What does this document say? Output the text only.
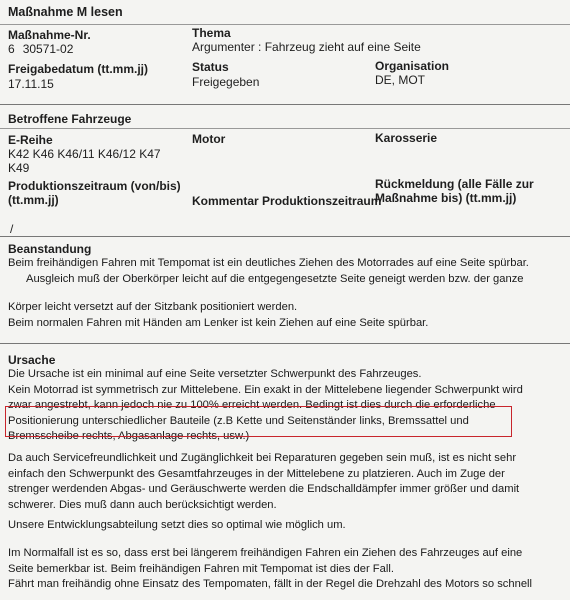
Maßnahme M lesen
Maßnahme-Nr.
6 30571-02
Thema
Argumenter : Fahrzeug zieht auf eine Seite
Freigabedatum (tt.mm.jj)
17.11.15
Status
Freigegeben
Organisation
DE, MOT
Betroffene Fahrzeuge
E-Reihe
K42 K46 K46/11 K46/12 K47
K49
Motor	Karosserie
Produktionszeitraum (von/bis)
(tt.mm.jj)
/
Kommentar Produktionszeitraum
Rückmeldung (alle Fälle zur
Maßnahme bis) (tt.mm.jj)
Beanstandung
Beim freihändigen Fahren mit Tempomat ist ein deutliches Ziehen des Motorrades auf eine Seite spürbar.
Ausgleich muß der Oberkörper leicht auf die entgegengesetzte Seite geneigt werden bzw. der ganze
Körper leicht versetzt auf der Sitzbank positioniert werden.
Beim normalen Fahren mit Händen am Lenker ist kein Ziehen auf eine Seite spürbar.
Ursache
Die Ursache ist ein minimal auf eine Seite versetzter Schwerpunkt des Fahrzeuges.
Kein Motorrad ist symmetrisch zur Mittelebene. Ein exakt in der Mittelebene liegender Schwerpunkt wird
zwar angestrebt, kann jedoch nie zu 100% erreicht werden. Bedingt ist dies durch die erforderliche
Positionierung unterschiedlicher Bauteile (z.B Kette und Seitenständer links, Bremssattel und
Bremsscheibe rechts, Abgasanlage rechts, usw.)
Da auch Servicefreundlichkeit und Zugänglichkeit bei Reparaturen gegeben sein muß, ist es nicht sehr
einfach den Schwerpunkt des Gesamtfahrzeuges in der Mittelebene zu platzieren. Auch im Zuge der
strenger werdenden Abgas- und Geräuschwerte werden die Endschalldämpfer immer größer und damit
schwerer. Dies muß dann auch berücksichtigt werden.
Unsere Entwicklungsabteilung setzt dies so optimal wie möglich um.
Im Normalfall ist es so, dass erst bei längerem freihändigen Fahren ein Ziehen des Fahrzeuges auf eine
Seite bemerkbar ist. Beim freihändigen Fahren mit Tempomat ist dies der Fall.
Fährt man freihändig ohne Einsatz des Tempomaten, fällt in der Regel die Drehzahl des Motors so schnell
